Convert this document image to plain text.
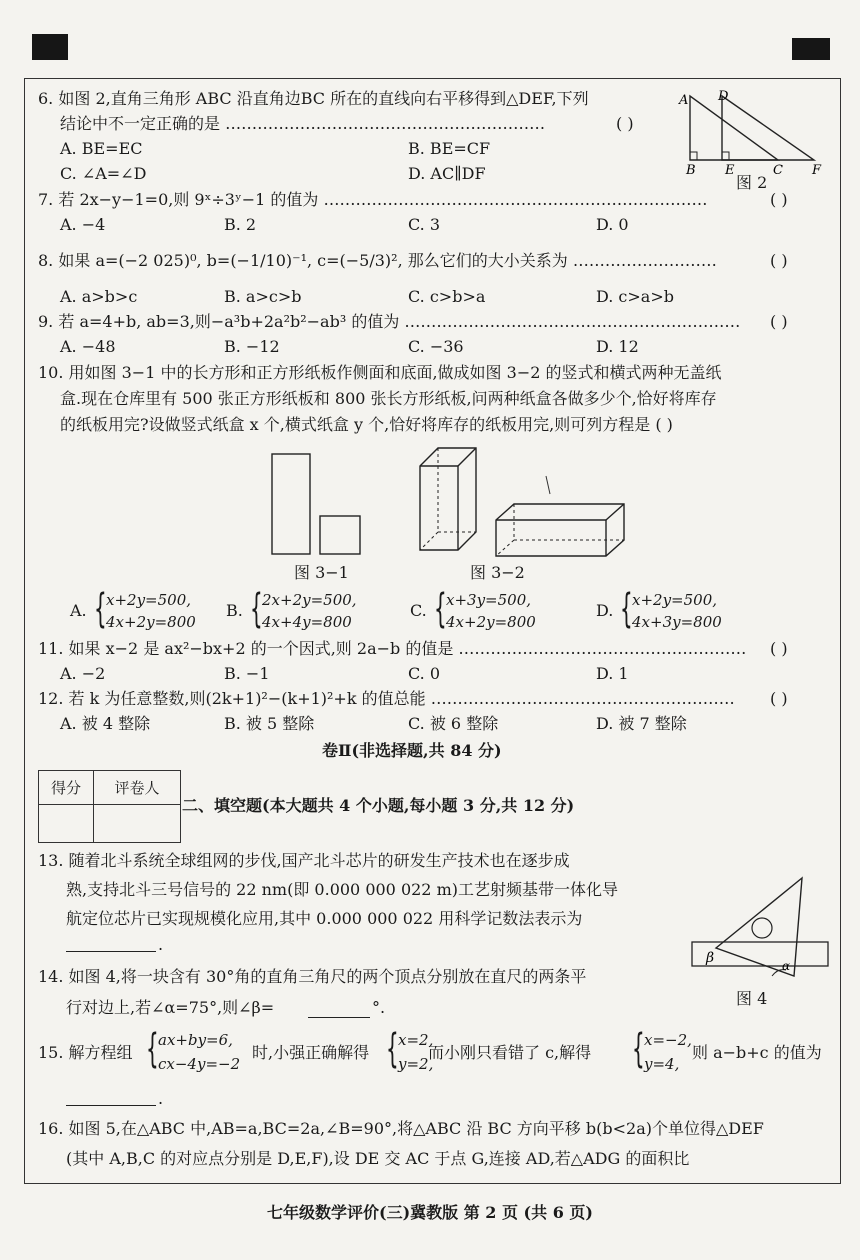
6. 如图 2,直角三角形 ABC 沿直角边BC 所在的直线向右平移得到△DEF,下列
结论中不一定正确的是 ……………………………………………………	( )
A. BE=EC	B. BE=CF
C. ∠A=∠D	D. AC∥DF
A D
B E	C F
图 2
7. 若 2x−y−1=0,则 9ˣ÷3ʸ−1 的值为 ………………………………………………………………	( )
A. −4	B. 2	C. 3	D. 0
8. 如果 a=(−2 025)⁰, b=(−1/10)⁻¹, c=(−5/3)², 那么它们的大小关系为 ………………………	( )
A. a>b>c	B. a>c>b	C. c>b>a	D. c>a>b
9. 若 a=4+b, ab=3,则−a³b+2a²b²−ab³ 的值为 ………………………………………………………	( )
A. −48	B. −12	C. −36	D. 12
10. 用如图 3−1 中的长方形和正方形纸板作侧面和底面,做成如图 3−2 的竖式和横式两种无盖纸
盒.现在仓库里有 500 张正方形纸板和 800 张长方形纸板,问两种纸盒各做多少个,恰好将库存
的纸板用完?设做竖式纸盒 x 个,横式纸盒 y 个,恰好将库存的纸板用完,则可列方程是 ( )
图 3−1	图 3−2
A. { x+2y=500,
4x+2y=800
B. { 2x+2y=500,
4x+4y=800
C. { x+3y=500,
4x+2y=800
D. { x+2y=500,
4x+3y=800
11. 如果 x−2 是 ax²−bx+2 的一个因式,则 2a−b 的值是 ………………………………………………	( )
A. −2	B. −1	C. 0	D. 1
12. 若 k 为任意整数,则(2k+1)²−(k+1)²+k 的值总能 …………………………………………………	( )
A. 被 4 整除	B. 被 5 整除	C. 被 6 整除	D. 被 7 整除
卷Ⅱ(非选择题,共 84 分)
得分	评卷人

二、填空题(本大题共 4 个小题,每小题 3 分,共 12 分)
13. 随着北斗系统全球组网的步伐,国产北斗芯片的研发生产技术也在逐步成
熟,支持北斗三号信号的 22 nm(即 0.000 000 022 m)工艺射频基带一体化导
航定位芯片已实现规模化应用,其中 0.000 000 022 用科学记数法表示为
.
β	α
图 4
14. 如图 4,将一块含有 30°角的直角三角尺的两个顶点分别放在直尺的两条平
行对边上,若∠α=75°,则∠β=	°.
15. 解方程组 { ax+by=6,
cx−4y=−2
时,小强正确解得 { x=2,
y=2,
而小刚只看错了 c,解得 { x=−2,
y=4,
则 a−b+c 的值为
.
16. 如图 5,在△ABC 中,AB=a,BC=2a,∠B=90°,将△ABC 沿 BC 方向平移 b(b<2a)个单位得△DEF
(其中 A,B,C 的对应点分别是 D,E,F),设 DE 交 AC 于点 G,连接 AD,若△ADG 的面积比
七年级数学评价(三)冀教版 第 2 页 (共 6 页)
